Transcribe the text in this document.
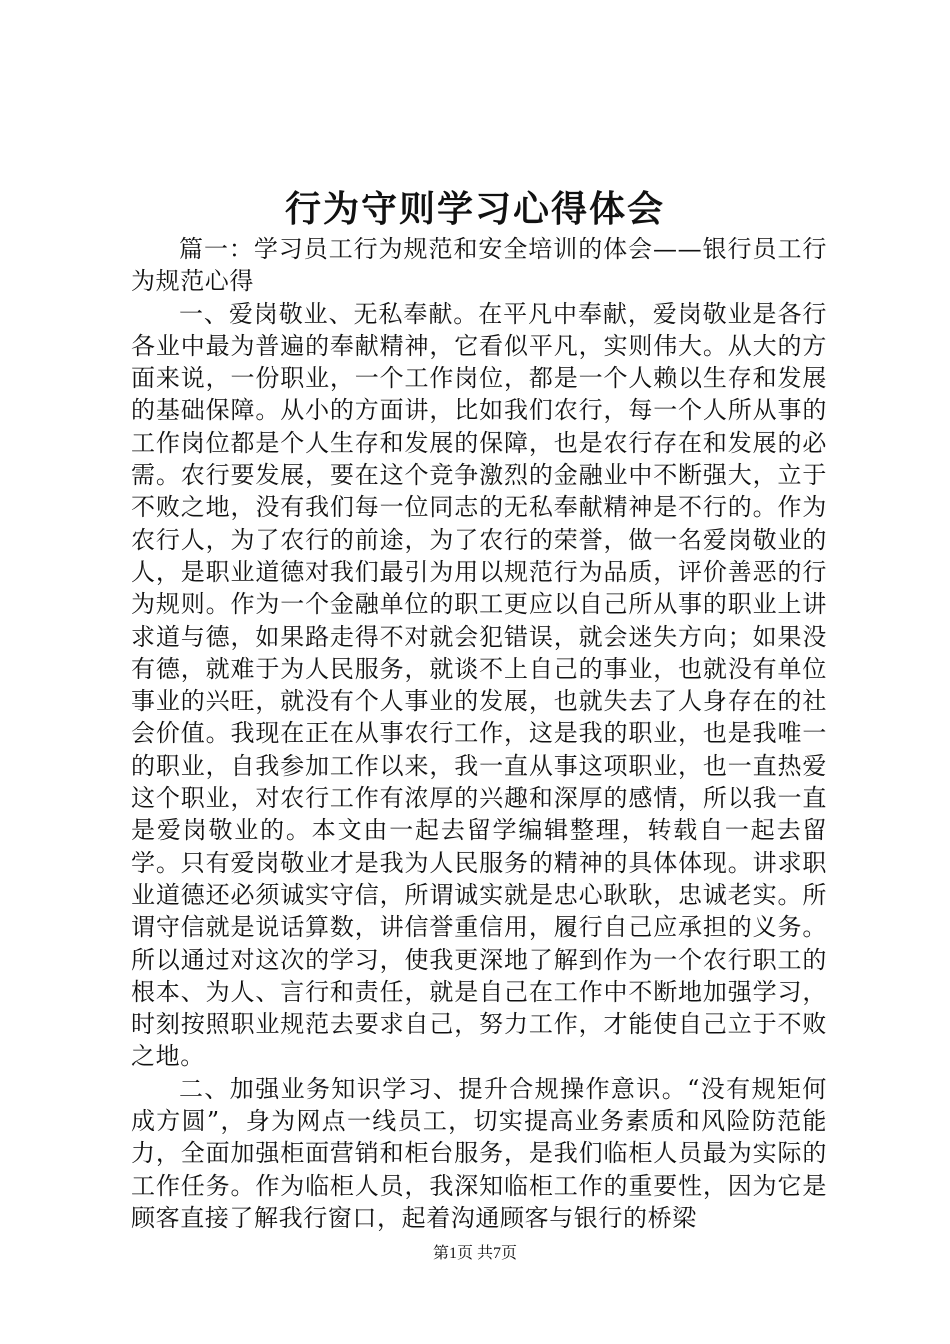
行为守则学习心得体会

篇一：学习员工行为规范和安全培训的体会——银行员工行为规范心得

一、爱岗敬业、无私奉献。在平凡中奉献，爱岗敬业是各行各业中最为普遍的奉献精神，它看似平凡，实则伟大。从大的方面来说，一份职业，一个工作岗位，都是一个人赖以生存和发展的基础保障。从小的方面讲，比如我们农行，每一个人所从事的工作岗位都是个人生存和发展的保障，也是农行存在和发展的必需。农行要发展，要在这个竞争激烈的金融业中不断强大，立于不败之地，没有我们每一位同志的无私奉献精神是不行的。作为农行人，为了农行的前途，为了农行的荣誉，做一名爱岗敬业的人，是职业道德对我们最引为用以规范行为品质，评价善恶的行为规则。作为一个金融单位的职工更应以自己所从事的职业上讲求道与德，如果路走得不对就会犯错误，就会迷失方向；如果没有德，就难于为人民服务，就谈不上自己的事业，也就没有单位事业的兴旺，就没有个人事业的发展，也就失去了人身存在的社会价值。我现在正在从事农行工作，这是我的职业，也是我唯一的职业，自我参加工作以来，我一直从事这项职业，也一直热爱这个职业，对农行工作有浓厚的兴趣和深厚的感情，所以我一直是爱岗敬业的。本文由一起去留学编辑整理，转载自一起去留学。只有爱岗敬业才是我为人民服务的精神的具体体现。讲求职业道德还必须诚实守信，所谓诚实就是忠心耿耿，忠诚老实。所谓守信就是说话算数，讲信誉重信用，履行自己应承担的义务。所以通过对这次的学习，使我更深地了解到作为一个农行职工的根本、为人、言行和责任，就是自己在工作中不断地加强学习，时刻按照职业规范去要求自己，努力工作，才能使自己立于不败之地。

二、加强业务知识学习、提升合规操作意识。“没有规矩何成方圆”，身为网点一线员工，切实提高业务素质和风险防范能力，全面加强柜面营销和柜台服务，是我们临柜人员最为实际的工作任务。作为临柜人员，我深知临柜工作的重要性，因为它是顾客直接了解我行窗口，起着沟通顾客与银行的桥梁

第1页 共7页
